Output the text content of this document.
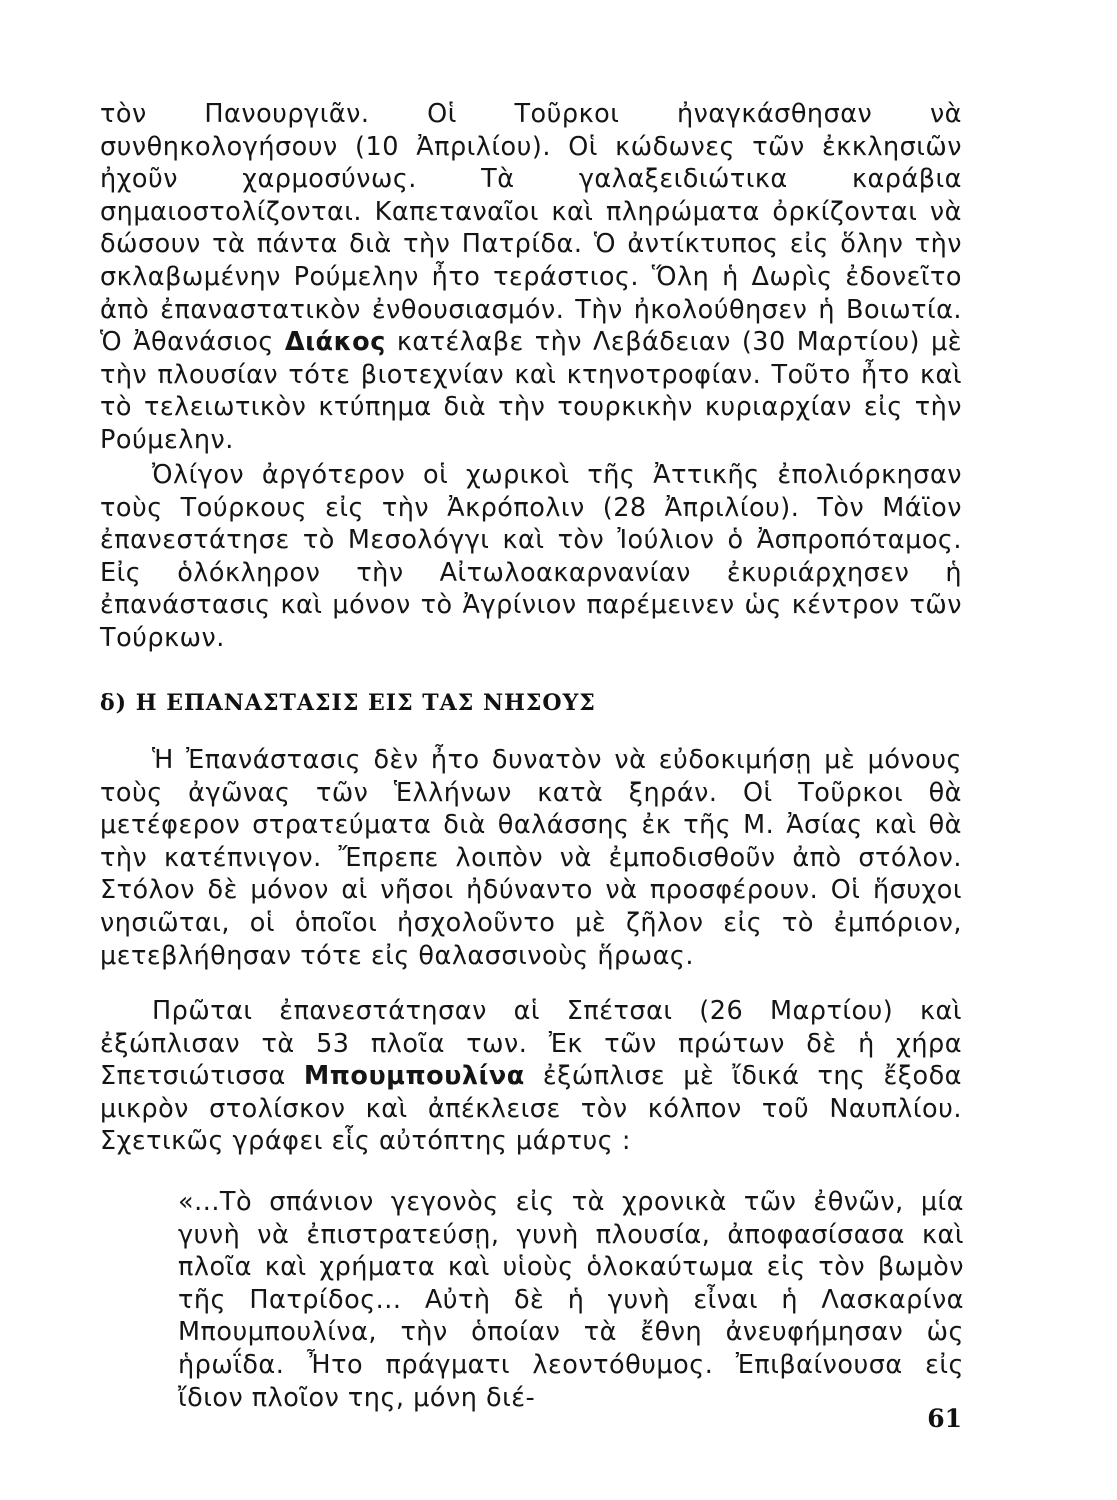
τὸν Πανουργιᾶν. Οἱ Τοῦρκοι ἠναγκάσθησαν νὰ συνθηκολογήσουν (10 Ἀπριλίου). Οἱ κώδωνες τῶν ἐκκλησιῶν ἠχοῦν χαρμοσύνως. Τὰ γαλαξειδιώτικα καράβια σημαιοστολίζονται. Καπεταναῖοι καὶ πληρώματα ὀρκίζονται νὰ δώσουν τὰ πάντα διὰ τὴν Πατρίδα. Ὁ ἀντίκτυπος εἰς ὅλην τὴν σκλαβωμένην Ρούμελην ἦτο τεράστιος. Ὅλη ἡ Δωρὶς ἐδονεῖτο ἀπὸ ἐπαναστατικὸν ἐνθουσιασμόν. Τὴν ἠκολούθησεν ἡ Βοιωτία. Ὁ Ἀθανάσιος Διάκος κατέλαβε τὴν Λεβάδειαν (30 Μαρτίου) μὲ τὴν πλουσίαν τότε βιοτεχνίαν καὶ κτηνοτροφίαν. Τοῦτο ἦτο καὶ τὸ τελειωτικὸν κτύπημα διὰ τὴν τουρκικὴν κυριαρχίαν εἰς τὴν Ρούμελην.

Ὀλίγον ἀργότερον οἱ χωρικοὶ τῆς Ἀττικῆς ἐπολιόρκησαν τοὺς Τούρκους εἰς τὴν Ἀκρόπολιν (28 Ἀπριλίου). Τὸν Μάϊον ἐπανεστάτησε τὸ Μεσολόγγι καὶ τὸν Ἰούλιον ὁ Ἀσπροπόταμος. Εἰς ὁλόκληρον τὴν Αἰτωλοακαρνανίαν ἐκυριάρχησεν ἡ ἐπανάστασις καὶ μόνον τὸ Ἀγρίνιον παρέμεινεν ὡς κέντρον τῶν Τούρκων.

δ) Η ΕΠΑΝΑΣΤΑΣΙΣ ΕΙΣ ΤΑΣ ΝΗΣΟΥΣ

Ἡ Ἐπανάστασις δὲν ἦτο δυνατὸν νὰ εὐδοκιμήσῃ μὲ μόνους τοὺς ἀγῶνας τῶν Ἑλλήνων κατὰ ξηράν. Οἱ Τοῦρκοι θὰ μετέφερον στρατεύματα διὰ θαλάσσης ἐκ τῆς Μ. Ἀσίας καὶ θὰ τὴν κατέπνιγον. Ἔπρεπε λοιπὸν νὰ ἐμποδισθοῦν ἀπὸ στόλον. Στόλον δὲ μόνον αἱ νῆσοι ἠδύναντο νὰ προσφέρουν. Οἱ ἥσυχοι νησιῶται, οἱ ὁποῖοι ἠσχολοῦντο μὲ ζῆλον εἰς τὸ ἐμπόριον, μετεβλήθησαν τότε εἰς θαλασσινοὺς ἥρωας.

Πρῶται ἐπανεστάτησαν αἱ Σπέτσαι (26 Μαρτίου) καὶ ἐξώπλισαν τὰ 53 πλοῖα των. Ἐκ τῶν πρώτων δὲ ἡ χήρα Σπετσιώτισσα Μπουμπουλίνα ἐξώπλισε μὲ ἴδικά της ἔξοδα μικρὸν στολίσκον καὶ ἀπέκλεισε τὸν κόλπον τοῦ Ναυπλίου. Σχετικῶς γράφει εἷς αὐτόπτης μάρτυς :

«...Τὸ σπάνιον γεγονὸς εἰς τὰ χρονικὰ τῶν ἐθνῶν, μία γυνὴ νὰ ἐπιστρατεύσῃ, γυνὴ πλουσία, ἀποφασίσασα καὶ πλοῖα καὶ χρήματα καὶ υἱοὺς ὁλοκαύτωμα εἰς τὸν βωμὸν τῆς Πατρίδος... Αὐτὴ δὲ ἡ γυνὴ εἶναι ἡ Λασκαρίνα Μπουμπουλίνα, τὴν ὁποίαν τὰ ἔθνη ἀνευφήμησαν ὡς ἡρωΐδα. Ἦτο πράγματι λεοντόθυμος. Ἐπιβαίνουσα εἰς ἴδιον πλοῖον της, μόνη διέ-

61
